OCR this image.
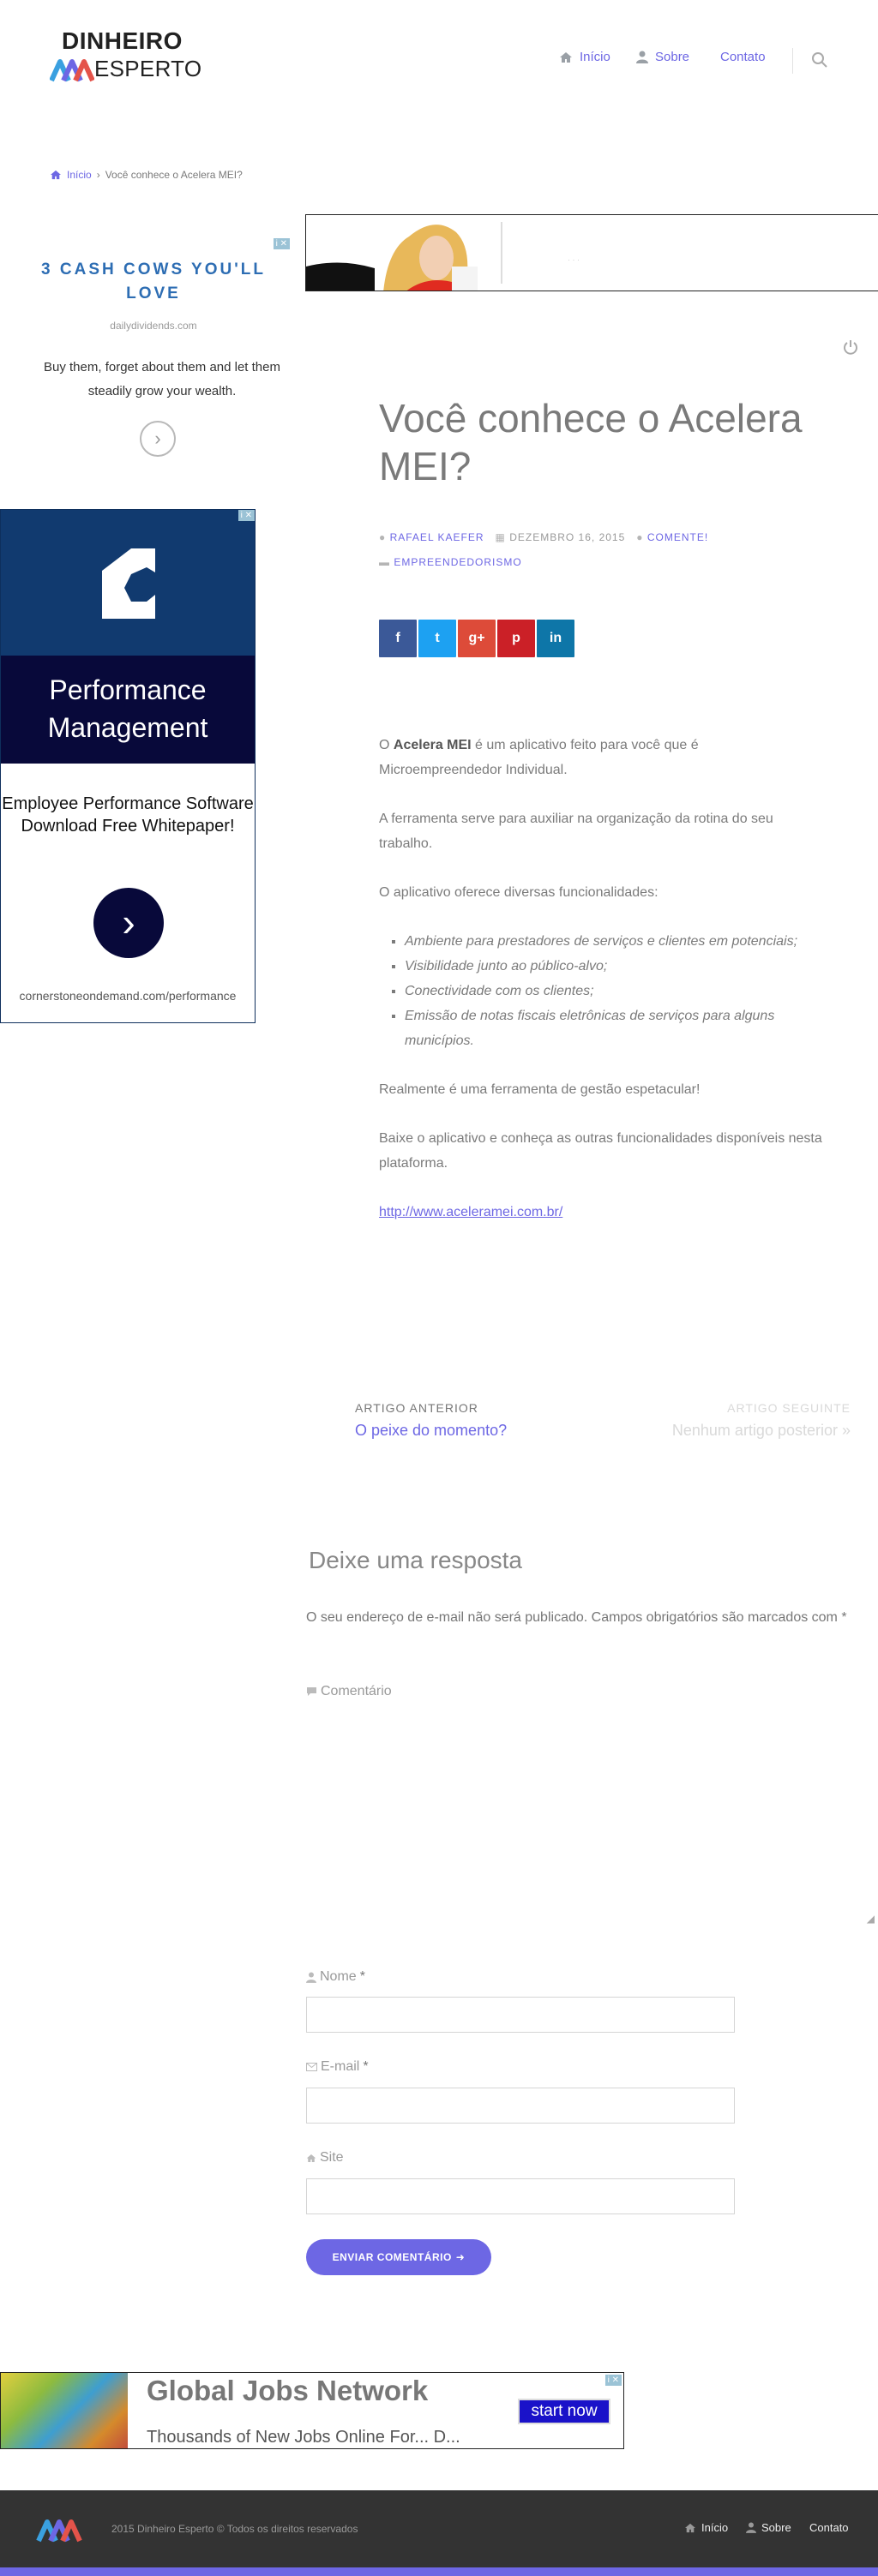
DINHEIRO
ESPERTO	Início	Sobre Contato
Início › Você conhece o Acelera MEI?
i ✕
3 CASH COWS YOU'LL LOVE
dailydividends.com
Buy them, forget about them and let them steadily grow your wealth.
›
Performance Management
Employee Performance Software Download Free Whitepaper!
›
cornerstoneondemand.com/performance
i ✕
· · ·
Você conhece o Acelera MEI?
● RAFAEL KAEFER ▦ DEZEMBRO 16, 2015 ● COMENTE!
▬ EMPREENDEDORISMO
f	t g+ p in

O Acelera MEI é um aplicativo feito para você que é Microempreendedor Individual.

A ferramenta serve para auxiliar na organização da rotina do seu trabalho.

O aplicativo oferece diversas funcionalidades:

▪ Ambiente para prestadores de serviços e clientes em potenciais;
▪ Visibilidade junto ao público-alvo;
▪ Conectividade com os clientes;
▪ Emissão de notas fiscais eletrônicas de serviços para alguns municípios.

Realmente é uma ferramenta de gestão espetacular!

Baixe o aplicativo e conheça as outras funcionalidades disponíveis nesta plataforma.

http://www.aceleramei.com.br/

ARTIGO ANTERIOR
O peixe do momento?
ARTIGO SEGUINTE
Nenhum artigo posterior »
Deixe uma resposta
O seu endereço de e-mail não será publicado. Campos obrigatórios são marcados com *
Comentário
◢
Nome *
E-mail *
Site
ENVIAR COMENTÁRIO ➜
Global Jobs Network
Thousands of New Jobs Online For... D...
start now
i ✕
2015 Dinheiro Esperto © Todos os direitos reservados	Início	Sobre Contato
